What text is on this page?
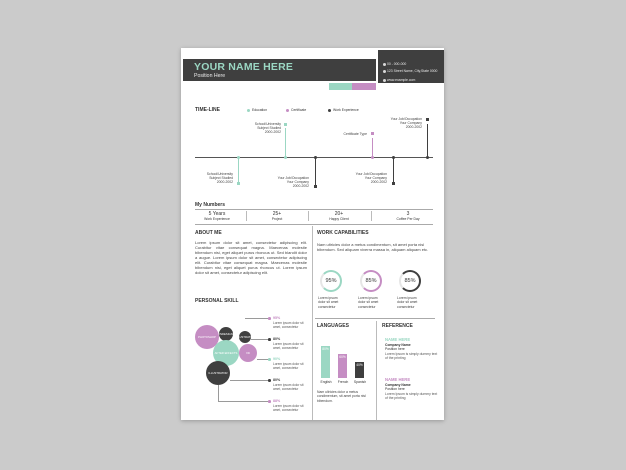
YOUR NAME HERE
Position Here
00 - 000-000
123 Street Name, City,State 0000
www.example.com
TIME-LINE	Education	Certificate	Work Experience
School/University
Subject Studied
2000-2002	Certificate Type
Your Job/Occupation
Your Company
2000-2002
School/University
Subject Studied
2000-2002
Your Job/Occupation
Your Company
2000-2002
Your Job/Occupation
Your Company
2000-2002
My Numbers
5 Years
Work Experience
25+
Project
20+
Happy Client
3
Coffee Per Day
ABOUT ME
Lorem ipsum dolor sit amet, consectetur adipiscing elit. Curabitur vitae consequat magna. Maecenas molestie bibendum nisi, eget aliquet purus rhoncus ut. Sed blandit dolor a augue. Lorem ipsum dolor sit amet, consectetur adipiscing elit. Curabitur vitae consequat magna. Maecenas molestie bibendum nisi, eget aliquet purus rhoncus ut. Lorem ipsum dolor sit amet, consectetur adipiscing elit.
WORK CAPABILITIES
Nam ultricies dolor a metus condimentum, sit amet porta nisl bibendum. Sed aliquam viverra massa in, aliquam aliquam etc.
95%	85%	85%
Lorem ipsum dolor sit amet consectetur
Lorem ipsum dolor sit amet consectetur
Lorem ipsum dolor sit amet consectetur
PERSONAL SKILL
PHOTOSHOP
INDESIGN
AFTER EFFECTS	XD
ILLUSTRATOR
ILLUSTRATOR
95%
Lorem ipsum dolor sit amet, consectetur
80%
Lorem ipsum dolor sit amet, consectetur
90%
Lorem ipsum dolor sit amet, consectetur
80%
Lorem ipsum dolor sit amet, consectetur
88%
Lorem ipsum dolor sit amet, consectetur
LANGUAGES
80%
60%
40%
English	French	Spanish
Nam ultricies dolor a metus condimentum, sit amet porta nisl bibendum.
REFERENCE
NAME HERE
Company Name
Position here
Lorem Ipsum is simply dummy text of the printing
NAME HERE
Company Name
Position here
Lorem Ipsum is simply dummy text of the printing
